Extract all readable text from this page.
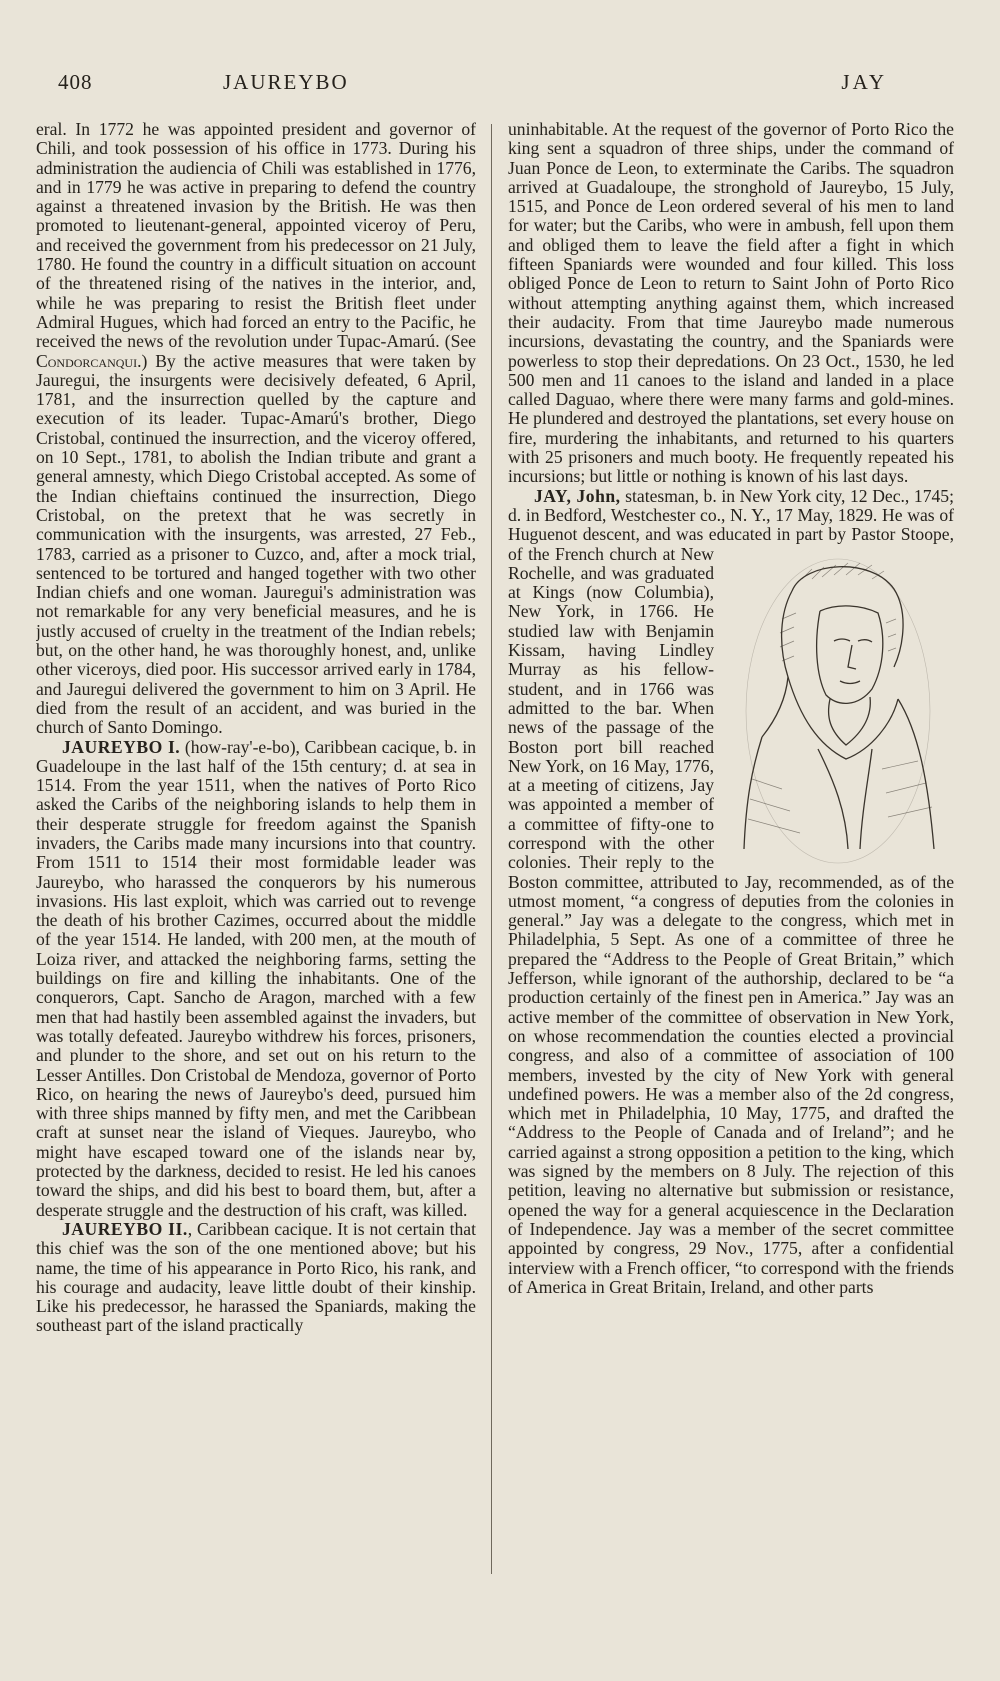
408	JAUREYBO	JAY

eral. In 1772 he was appointed president and governor of Chili, and took possession of his office in 1773. During his administration the audiencia of Chili was established in 1776, and in 1779 he was active in preparing to defend the country against a threatened invasion by the British. He was then promoted to lieutenant-general, appointed viceroy of Peru, and received the government from his predecessor on 21 July, 1780. He found the country in a difficult situation on account of the threatened rising of the natives in the interior, and, while he was preparing to resist the British fleet under Admiral Hugues, which had forced an entry to the Pacific, he received the news of the revolution under Tupac-Amarú. (See Condorcanqui.) By the active measures that were taken by Jauregui, the insurgents were decisively defeated, 6 April, 1781, and the insurrection quelled by the capture and execution of its leader. Tupac-Amarú's brother, Diego Cristobal, continued the insurrection, and the viceroy offered, on 10 Sept., 1781, to abolish the Indian tribute and grant a general amnesty, which Diego Cristobal accepted. As some of the Indian chieftains continued the insurrection, Diego Cristobal, on the pretext that he was secretly in communication with the insurgents, was arrested, 27 Feb., 1783, carried as a prisoner to Cuzco, and, after a mock trial, sentenced to be tortured and hanged together with two other Indian chiefs and one woman. Jauregui's administration was not remarkable for any very beneficial measures, and he is justly accused of cruelty in the treatment of the Indian rebels; but, on the other hand, he was thoroughly honest, and, unlike other viceroys, died poor. His successor arrived early in 1784, and Jauregui delivered the government to him on 3 April. He died from the result of an accident, and was buried in the church of Santo Domingo.

JAUREYBO I. (how-ray'-e-bo), Caribbean cacique, b. in Guadeloupe in the last half of the 15th century; d. at sea in 1514. From the year 1511, when the natives of Porto Rico asked the Caribs of the neighboring islands to help them in their desperate struggle for freedom against the Spanish invaders, the Caribs made many incursions into that country. From 1511 to 1514 their most formidable leader was Jaureybo, who harassed the conquerors by his numerous invasions. His last exploit, which was carried out to revenge the death of his brother Cazimes, occurred about the middle of the year 1514. He landed, with 200 men, at the mouth of Loiza river, and attacked the neighboring farms, setting the buildings on fire and killing the inhabitants. One of the conquerors, Capt. Sancho de Aragon, marched with a few men that had hastily been assembled against the invaders, but was totally defeated. Jaureybo withdrew his forces, prisoners, and plunder to the shore, and set out on his return to the Lesser Antilles. Don Cristobal de Mendoza, governor of Porto Rico, on hearing the news of Jaureybo's deed, pursued him with three ships manned by fifty men, and met the Caribbean craft at sunset near the island of Vieques. Jaureybo, who might have escaped toward one of the islands near by, protected by the darkness, decided to resist. He led his canoes toward the ships, and did his best to board them, but, after a desperate struggle and the destruction of his craft, was killed.

JAUREYBO II., Caribbean cacique. It is not certain that this chief was the son of the one mentioned above; but his name, the time of his appearance in Porto Rico, his rank, and his courage and audacity, leave little doubt of their kinship. Like his predecessor, he harassed the Spaniards, making the southeast part of the island practically

uninhabitable. At the request of the governor of Porto Rico the king sent a squadron of three ships, under the command of Juan Ponce de Leon, to exterminate the Caribs. The squadron arrived at Guadaloupe, the stronghold of Jaureybo, 15 July, 1515, and Ponce de Leon ordered several of his men to land for water; but the Caribs, who were in ambush, fell upon them and obliged them to leave the field after a fight in which fifteen Spaniards were wounded and four killed. This loss obliged Ponce de Leon to return to Saint John of Porto Rico without attempting anything against them, which increased their audacity. From that time Jaureybo made numerous incursions, devastating the country, and the Spaniards were powerless to stop their depredations. On 23 Oct., 1530, he led 500 men and 11 canoes to the island and landed in a place called Daguao, where there were many farms and gold-mines. He plundered and destroyed the plantations, set every house on fire, murdering the inhabitants, and returned to his quarters with 25 prisoners and much booty. He frequently repeated his incursions; but little or nothing is known of his last days.

JAY, John, statesman, b. in New York city, 12 Dec., 1745; d. in Bedford, Westchester co., N. Y., 17 May, 1829. He was of Huguenot descent, and was educated in part by Pastor Stoope, of the French church at New Rochelle, and was graduated at Kings (now Columbia), New York, in 1766. He studied law with Benjamin Kissam, having Lindley Murray as his fellow-student, and in 1766 was admitted to the bar. When news of the passage of the Boston port bill reached New York, on 16 May, 1776, at a meeting of citizens, Jay was appointed a member of a committee of fifty-one to correspond with the other colonies. Their reply to the Boston committee, attributed to Jay, recommended, as of the utmost moment, “a congress of deputies from the colonies in general.” Jay was a delegate to the congress, which met in Philadelphia, 5 Sept. As one of a committee of three he prepared the “Address to the People of Great Britain,” which Jefferson, while ignorant of the authorship, declared to be “a production certainly of the finest pen in America.” Jay was an active member of the committee of observation in New York, on whose recommendation the counties elected a provincial congress, and also of a committee of association of 100 members, invested by the city of New York with general undefined powers. He was a member also of the 2d congress, which met in Philadelphia, 10 May, 1775, and drafted the “Address to the People of Canada and of Ireland”; and he carried against a strong opposition a petition to the king, which was signed by the members on 8 July. The rejection of this petition, leaving no alternative but submission or resistance, opened the way for a general acquiescence in the Declaration of Independence. Jay was a member of the secret committee appointed by congress, 29 Nov., 1775, after a confidential interview with a French officer, “to correspond with the friends of America in Great Britain, Ireland, and other parts
